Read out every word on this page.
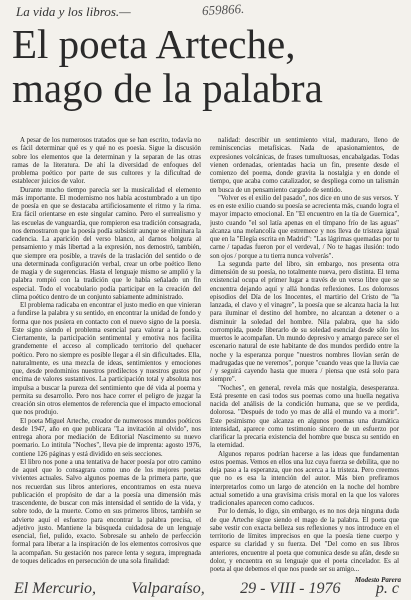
La vida y los libros.—	659866.
El poeta Arteche,
mago de la palabra

A pesar de los numerosos tratados que se han escrito, todavía no es fácil determinar qué es y qué no es poesía. Sigue la discusión sobre los elementos que la determinan y la separan de las otras ramas de la literatura. De ahí la diversidad de enfoques del problema poético por parte de sus cultores y la dificultad de establecer juicios de valor.

Durante mucho tiempo parecía ser la musicalidad el elemento más importante. El modernismo nos había acostumbrado a un tipo de poesía en que se destacaba artificiosamente el ritmo y la rima. Era fácil orientarse en este singular camino. Pero el surrealismo y las escuelas de vanguardia, que rompieron esa tradición consagrada, nos demostraron que la poesía podía subsistir aunque se eliminara la cadencia. La aparición del verso blanco, al darnos holgura al pensamiento y más libertad a la expresión, nos demostró, también, que siempre era posible, a través de la traslación del sentido o de una determinada configuración verbal, crear un orbe poético lleno de magia y de sugerencias. Hasta el lenguaje mismo se amplió y la palabra rompió con la tradición que le había señalado un fin especial. Todo el vocabulario podía participar en la creación del clima poético dentro de un conjunto sabiamente administrado.

El problema radicaba en encontrar el justo medio en que vinieran a fundirse la palabra y su sentido, en encontrar la unidad de fondo y forma que nos pusiera en contacto con el nuevo signo de la poesía. Este signo siendo el problema esencial para valorar a la poesía. Ciertamente, la participación sentimental y emotiva nos facilita grandemente el acceso al complicado territorio del quehacer poético. Pero no siempre es posible llegar a él sin dificultades. Ella, naturalmente, es una mezcla de ideas, sentimientos y emociones que, desde predominios nuestros predilectos y nuestros gustos por encima de valores sustantivos. La participación total y absoluta nos impulsa a buscar la pureza del sentimiento que dé vida al poema y permita su desarrollo. Pero nos hace correr el peligro de juzgar la creación sin otros elementos de referencia que el impacto emocional que nos produjo.

El poeta Miguel Arteche, creador de numerosos mundos poéticos desde 1947, año en que publicara "La invitación al olvido", nos entrega ahora por mediación de Editorial Nascimento su nuevo poemario. Lo intitula "Noches", lleva pie de imprenta: agosto 1976, contiene 126 páginas y está dividido en seis secciones.

El libro nos pone a una tentativa de hacer poesía por otro camino de aquel que lo consagrara como uno de los mejores poetas vivientes actuales. Salvo algunos poemas de la primera parte, que nos recuerdan sus libros anteriores, encontramos en esta nueva publicación el propósito de dar a la poesía una dimensión más trascendente, de buscar con más intensidad el sentido de la vida, y sobre todo, de la muerte. Como en sus primeros libros, también se advierte aquí el esfuerzo para encontrar la palabra precisa, el adjetivo justo. Mantiene la búsqueda cuidadosa de un lenguaje esencial, fiel, pulido, exacto. Sobresale su anhelo de perfección formal para liberar a la inspiración de los elementos corrosivos que la acompañan. Su gestación nos parece lenta y segura, impregnada de toques delicados en persecución de una sola finalidad:

nalidad: describir un sentimiento vital, maduraro, lleno de reminiscencias metafísicas. Nada de apasionamientos, de expresiones volcánicas, de frases tumultuosas, encabalgadas. Todas vienen ordenadas, orientadas hacia un fin, presente desde el comienzo del poema, donde gravita la nostalgia y en donde el tiempo, que acaba como catalizador, se despliega como un talismán en busca de un pensamiento cargado de sentido.

"Volver es el exilio del pasado", nos dice en uno de sus versos. Y es en este exilio cuando su poesía se acrecienta más, cuando logra el mayor impacto emocional. En "El encuentro en la tía de Guernica", justo cuando "el sol latía apenas en el tímpano frío de las aguas" alcanza una melancolía que estremece y nos lleva de tristeza igual que en la "Elegía escrita en Madrid": "Las lágrimas quemadas por tu carne / tapadas fueron por el verdeval, / No te hagas ilusión: todo son ojos / porque a tu tierra nunca volverás".

La segunda parte del libro, sin embargo, nos presenta otra dimensión de su poesía, no totalmente nueva, pero distinta. El tema existencial ocupa el primer lugar a través de un verso libre que se encuentra dejando aquí y allá hondas reflexiones. Los dolorosos episodios del Día de los Inocentes, el martirio del Cristo de "la lanzada, el clavo y el vinagre", la poesía que se alcanza hacia la luz para iluminar el destino del hombre, no alcanzan a detener o a disminuir la soledad del hombre. Nila palabra, que ha sido corrompida, puede liberarlo de su soledad esencial desde sólo los muertos le acompañan. Un mundo depresivo y amargo parece ser el escenario natural de este habitante de dos mundos perdido entre la noche y la esperanza porque "nuestros nombres llovían serán de madrugadas que ne veremos", porque "cuando veas que la lluvia cae / y seguirá cayendo hasta que muera / piensa que está solo para siempre".

"Noches", en general, revela más que nostalgia, desesperanza. Está presente en casi todos sus poemas como una huella negativa nacida del análisis de la condición humana, que se ve perdida, dolorosa. "Después de todo yo mas de allá el mundo va a morir". Este pesimismo que alcanza en algunos poemas una dramática intensidad, aparece como testimonio sincero de un esfuerzo por clarificar la precaria existencia del hombre que busca su sentido en la eternidad.

Algunos reparos podrían hacerse a las ideas que fundamentan estos poemas. Vemos en ellos una luz cuya fuerza se debilita, que no deja paso a la esperanza, que nos acerca a la tristeza. Pero creemos que no es esa la intención del autor. Más bien prefiramos interpretarlos como un largo de atención en la noche del hombre actual sometido a una gravísima crisis moral en la que los valores tradicionales aparecen como caducos.

Por lo demás, lo digo, sin embargo, es no nos deja ninguna duda de que Arteche sigue siendo el mago de la palabra. El poeta que sabe vestir con exacta belleza sus reflexiones y nos introduce en el territorio de límites imprecisos en que la poesía tiene cuerpo y esparce su claridad y su fuerza. Del "Del como en sus libros anteriores, encuentre al poeta que comunica desde su afán, desde su dolor, y encuentra en su lenguaje que el poeta cincelador. Es al poeta al que debemos el que nos puede ser su amigo...

Modesto Parera
El Mercurio, Valparaíso, 29 - VIII - 1976 p. c
